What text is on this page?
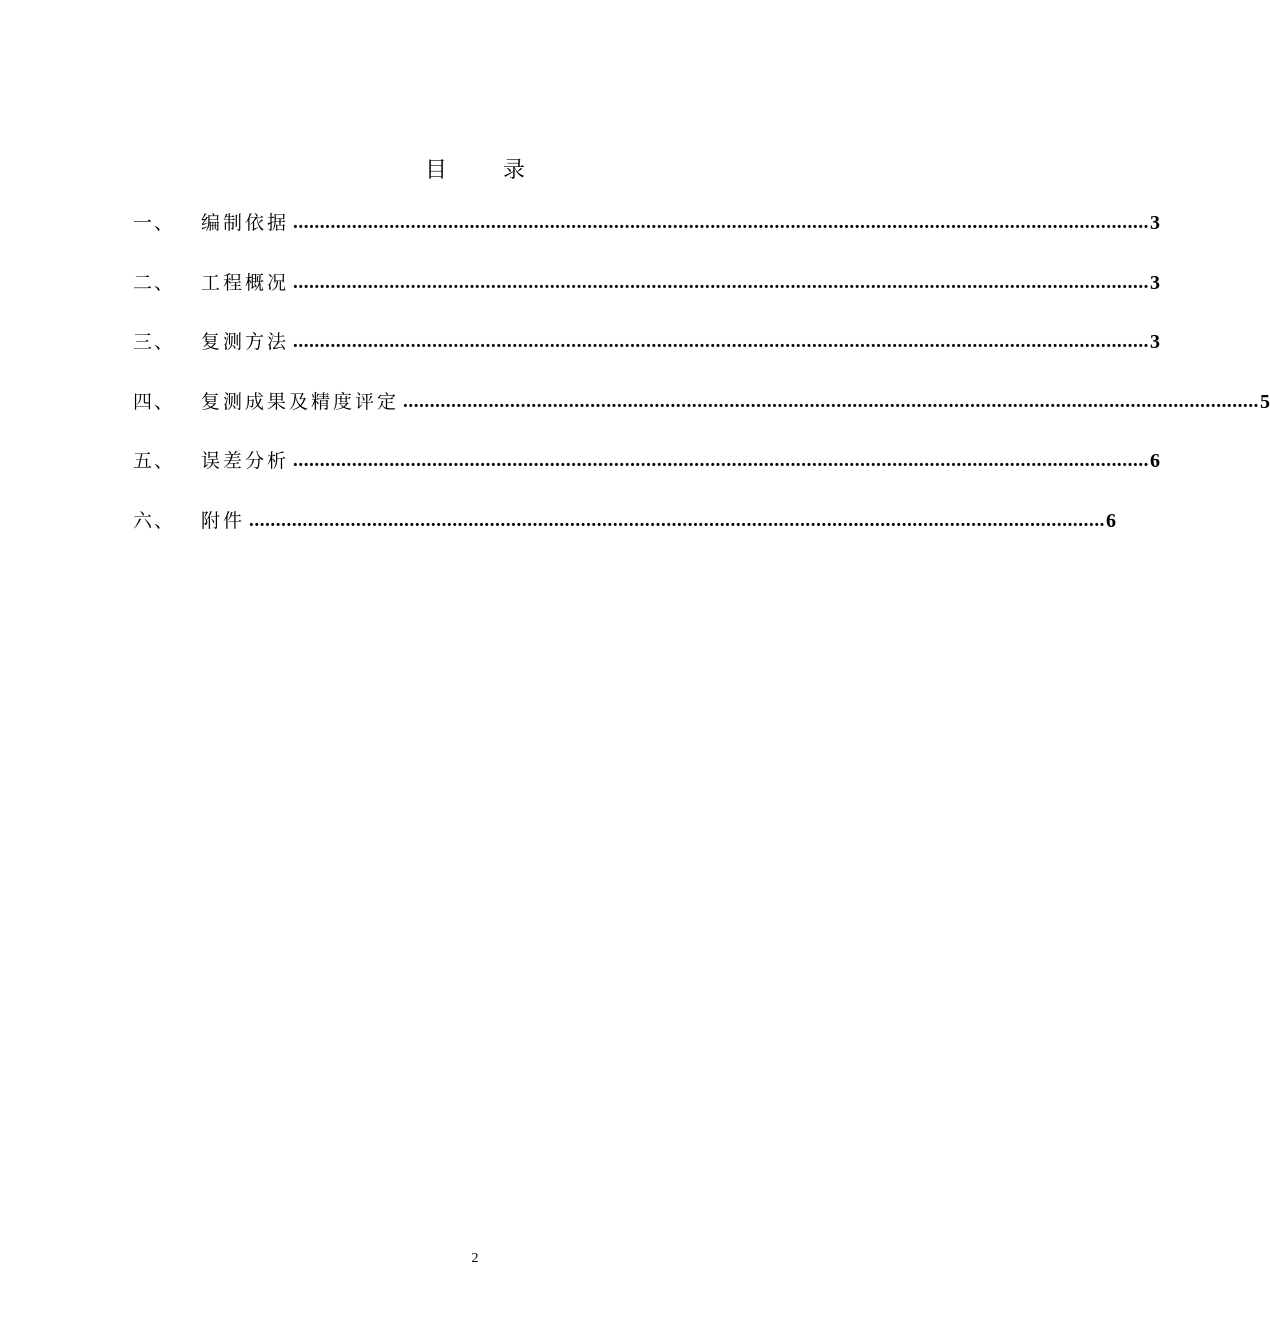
目        录
一、	编制依据 ................................................................................................................................................................ 3
二、	工程概况 ................................................................................................................................................................ 3
三、	复测方法 ................................................................................................................................................................ 3
四、	复测成果及精度评定 ................................................................................................................................................................ 5
五、	误差分析 ................................................................................................................................................................ 6
六、	附件 ................................................................................................................................................................ 6
2
